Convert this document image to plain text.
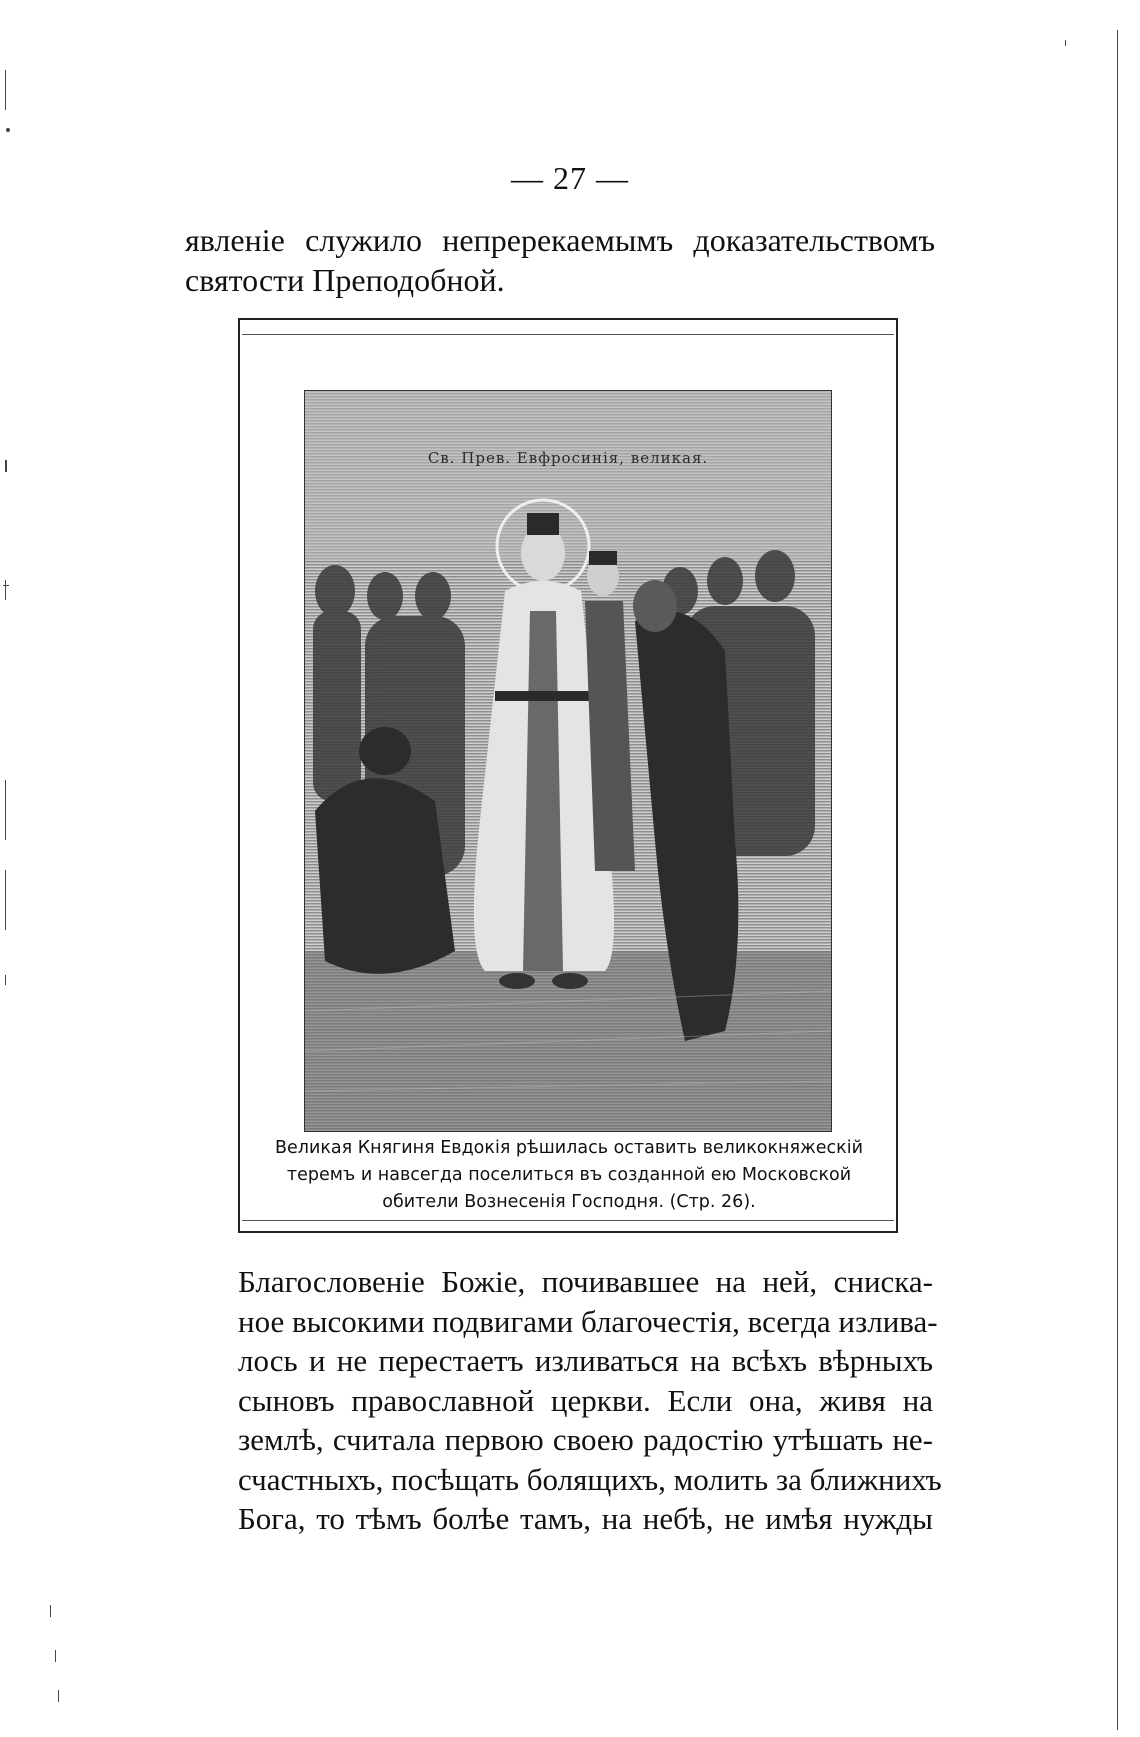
— 27 —
явленіе служило непререкаемымъ доказательствомъ
святости Преподобной.
Св. Прев. Евфросинія, великая.
Великая Княгиня Евдокія рѣшилась оставить великокняжескій
теремъ и навсегда поселиться въ созданной ею Московской
обители Вознесенія Господня. (Стр. 26).
Благословеніе Божіе, почивавшее на ней, сниска-
ное высокими подвигами благочестія, всегда излива-
лось и не перестаетъ изливаться на всѣхъ вѣрныхъ
сыновъ православной церкви. Если она, живя на
землѣ, считала первою своею радостію утѣшать не-
счастныхъ, посѣщать болящихъ, молить за ближнихъ
Бога, то тѣмъ болѣе тамъ, на небѣ, не имѣя нужды
